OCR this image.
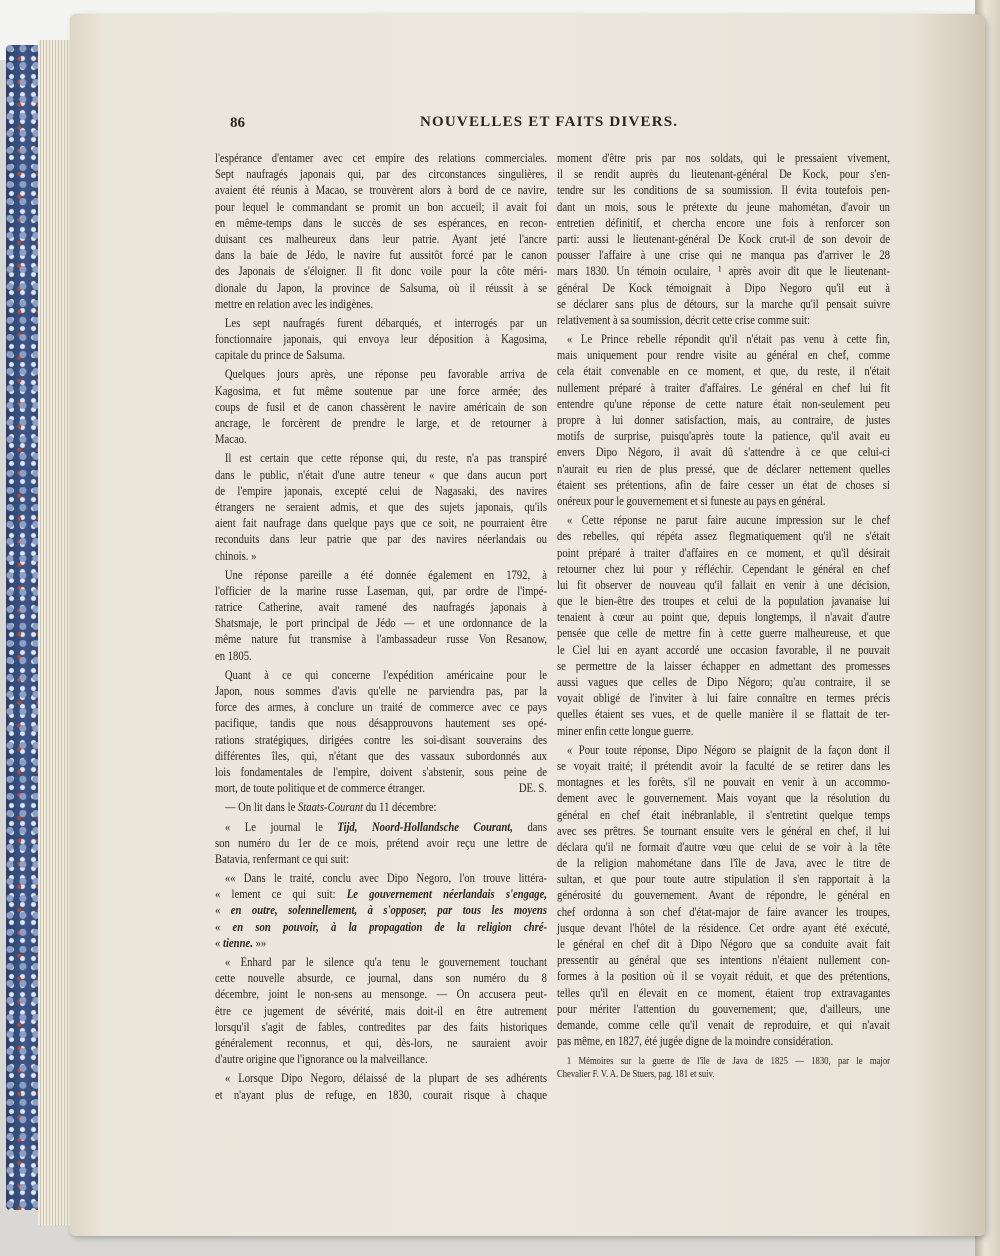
86	NOUVELLES ET FAITS DIVERS.
l'espérance d'entamer avec cet empire des relations commerciales.
Sept naufragés japonais qui, par des circonstances singulières,
avaient été réunis à Macao, se trouvèrent alors à bord de ce navire,
pour lequel le commandant se promit un bon accueil; il avait foi
en même-temps dans le succès de ses espérances, en recon-
duisant ces malheureux dans leur patrie. Ayant jeté l'ancre
dans la baie de Jédo, le navire fut aussitôt forcé par le canon
des Japonais de s'éloigner. Il fit donc voile pour la côte méri-
dionale du Japon, la province de Salsuma, où il réussit à se
mettre en relation avec les indigènes.
Les sept naufragés furent débarqués, et interrogés par un
fonctionnaire japonais, qui envoya leur déposition à Kagosima,
capitale du prince de Salsuma.
Quelques jours après, une réponse peu favorable arriva de
Kagosima, et fut même soutenue par une force armée; des
coups de fusil et de canon chassèrent le navire américain de son
ancrage, le forcèrent de prendre le large, et de retourner à
Macao.
Il est certain que cette réponse qui, du reste, n'a pas transpiré
dans le public, n'était d'une autre teneur « que dans aucun port
de l'empire japonais, excepté celui de Nagasaki, des navires
étrangers ne seraient admis, et que des sujets japonais, qu'ils
aient fait naufrage dans quelque pays que ce soit, ne pourraient être
reconduits dans leur patrie que par des navires néerlandais ou
chinois. »
Une réponse pareille a été donnée également en 1792, à
l'officier de la marine russe Laseman, qui, par ordre de l'impé-
ratrice Catherine, avait ramené des naufragés japonais à
Shatsmaje, le port principal de Jédo — et une ordonnance de la
même nature fut transmise à l'ambassadeur russe Von Resanow,
en 1805.
Quant à ce qui concerne l'expédition américaine pour le
Japon, nous sommes d'avis qu'elle ne parviendra pas, par la
force des armes, à conclure un traité de commerce avec ce pays
pacifique, tandis que nous désapprouvons hautement ses opé-
rations stratégiques, dirigées contre les soi-disant souverains des
différentes îles, qui, n'étant que des vassaux subordonnés aux
lois fondamentales de l'empire, doivent s'abstenir, sous peine de
mort, de toute politique et de commerce étranger.	DE. S.
— On lit dans le Staats-Courant du 11 décembre:
« Le journal le Tijd, Noord-Hollandsche Courant, dans
son numéro du 1er de ce mois, prétend avoir reçu une lettre de
Batavia, renfermant ce qui suit:
«« Dans le traité, conclu avec Dipo Negoro, l'on trouve littéra-
« lement ce qui suit: Le gouvernement néerlandais s'engage,
« en outre, solennellement, à s'opposer, par tous les moyens
« en son pouvoir, à la propagation de la religion chré-
« tienne. »»
« Enhard par le silence qu'a tenu le gouvernement touchant
cette nouvelle absurde, ce journal, dans son numéro du 8
décembre, joint le non-sens au mensonge. — On accusera peut-
être ce jugement de sévérité, mais doit-il en être autrement
lorsqu'il s'agit de fables, contredites par des faits historiques
généralement reconnus, et qui, dès-lors, ne sauraient avoir
d'autre origine que l'ignorance ou la malveillance.
« Lorsque Dipo Negoro, délaissé de la plupart de ses adhérents
et n'ayant plus de refuge, en 1830, courait risque à chaque
moment d'être pris par nos soldats, qui le pressaient vivement,
il se rendit auprès du lieutenant-général De Kock, pour s'en-
tendre sur les conditions de sa soumission. Il évita toutefois pen-
dant un mois, sous le prétexte du jeune mahométan, d'avoir un
entretien définitif, et chercha encore une fois à renforcer son
parti: aussi le lieutenant-général De Kock crut-il de son devoir de
pousser l'affaire à une crise qui ne manqua pas d'arriver le 28
mars 1830. Un témoin oculaire, ¹ après avoir dit que le lieutenant-
général De Kock témoignait à Dipo Negoro qu'il eut à
se déclarer sans plus de détours, sur la marche qu'il pensait suivre
relativement à sa soumission, décrit cette crise comme suit:
« Le Prince rebelle répondit qu'il n'était pas venu à cette fin,
mais uniquement pour rendre visite au général en chef, comme
cela était convenable en ce moment, et que, du reste, il n'était
nullement préparé à traiter d'affaires. Le général en chef lui fit
entendre qu'une réponse de cette nature était non-seulement peu
propre à lui donner satisfaction, mais, au contraire, de justes
motifs de surprise, puisqu'après toute la patience, qu'il avait eu
envers Dipo Négoro, il avait dû s'attendre à ce que celui-ci
n'aurait eu rien de plus pressé, que de déclarer nettement quelles
étaient ses prétentions, afin de faire cesser un état de choses si
onéreux pour le gouvernement et si funeste au pays en général.
« Cette réponse ne parut faire aucune impression sur le chef
des rebelles, qui répéta assez flegmatiquement qu'il ne s'était
point préparé à traiter d'affaires en ce moment, et qu'il désirait
retourner chez lui pour y réfléchir. Cependant le général en chef
lui fit observer de nouveau qu'il fallait en venir à une décision,
que le bien-être des troupes et celui de la population javanaise lui
tenaient à cœur au point que, depuis longtemps, il n'avait d'autre
pensée que celle de mettre fin à cette guerre malheureuse, et que
le Ciel lui en ayant accordé une occasion favorable, il ne pouvait
se permettre de la laisser échapper en admettant des promesses
aussi vagues que celles de Dipo Négoro; qu'au contraire, il se
voyait obligé de l'inviter à lui faire connaître en termes précis
quelles étaient ses vues, et de quelle manière il se flattait de ter-
miner enfin cette longue guerre.
« Pour toute réponse, Dipo Négoro se plaignit de la façon dont il
se voyait traité; il prétendit avoir la faculté de se retirer dans les
montagnes et les forêts, s'il ne pouvait en venir à un accommo-
dement avec le gouvernement. Mais voyant que la résolution du
général en chef était inébranlable, il s'entretint quelque temps
avec ses prêtres. Se tournant ensuite vers le général en chef, il lui
déclara qu'il ne formait d'autre vœu que celui de se voir à la tête
de la religion mahométane dans l'île de Java, avec le titre de
sultan, et que pour toute autre stipulation il s'en rapportait à la
générosité du gouvernement. Avant de répondre, le général en
chef ordonna à son chef d'état-major de faire avancer les troupes,
jusque devant l'hôtel de la résidence. Cet ordre ayant été exécuté,
le général en chef dit à Dipo Négoro que sa conduite avait fait
pressentir au général que ses intentions n'étaient nullement con-
formes à la position où il se voyait réduit, et que des prétentions,
telles qu'il en élevait en ce moment, étaient trop extravagantes
pour mériter l'attention du gouvernement; que, d'ailleurs, une
demande, comme celle qu'il venait de reproduire, et qui n'avait
pas même, en 1827, été jugée digne de la moindre considération.
1 Mémoires sur la guerre de l'île de Java de 1825 — 1830, par le major
Chevalier F. V. A. De Stuers, pag. 181 et suiv.
